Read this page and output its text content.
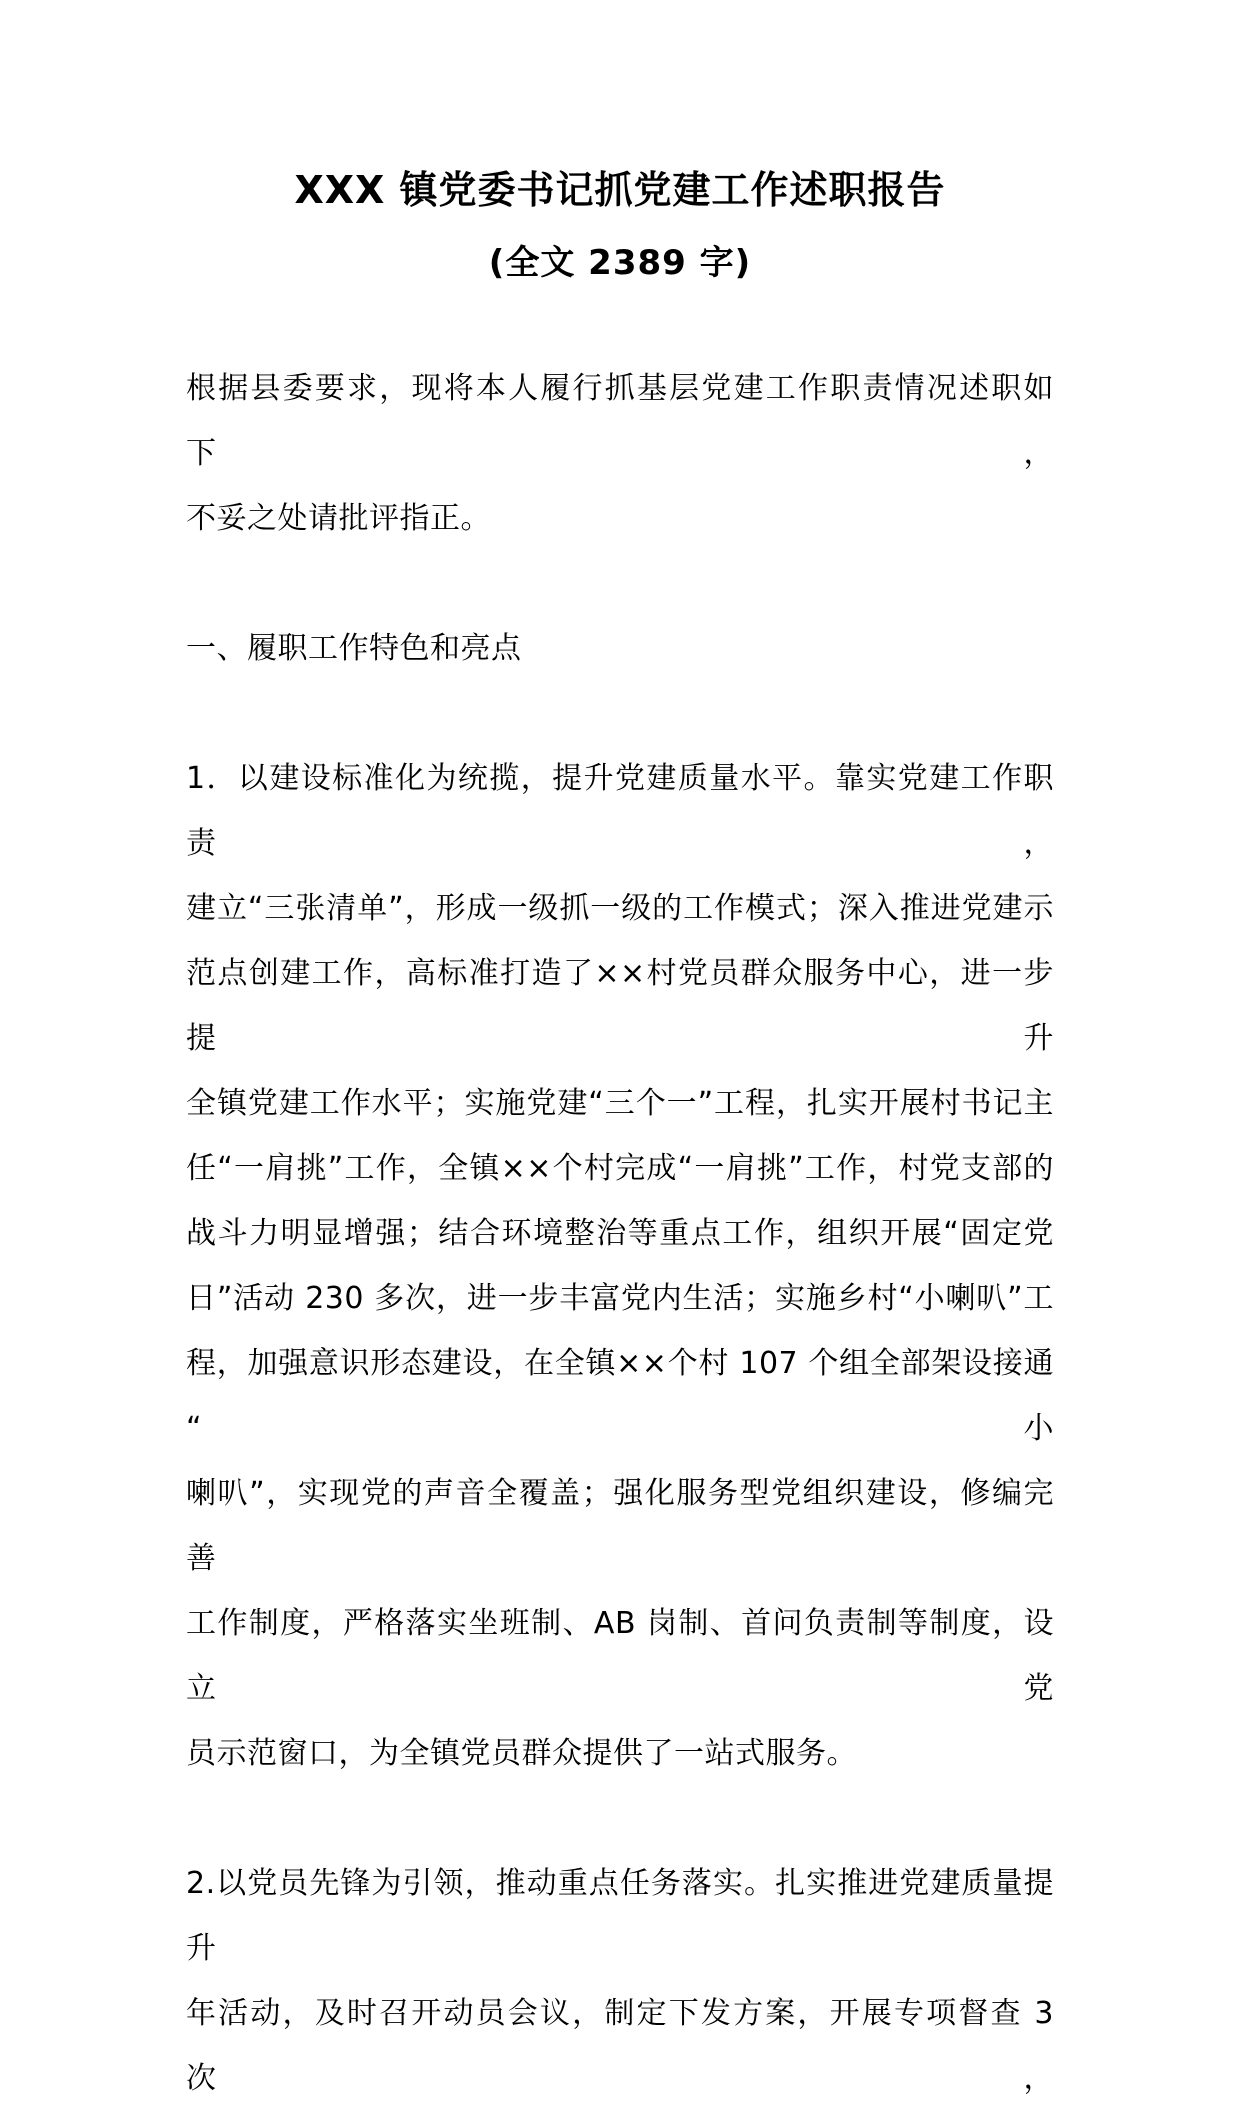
XXX 镇党委书记抓党建工作述职报告
(全文 2389 字)
根据县委要求，现将本人履行抓基层党建工作职责情况述职如下，
不妥之处请批评指正。
一、履职工作特色和亮点
1．以建设标准化为统揽，提升党建质量水平。靠实党建工作职责，
建立“三张清单”，形成一级抓一级的工作模式；深入推进党建示
范点创建工作，高标准打造了××村党员群众服务中心，进一步提升
全镇党建工作水平；实施党建“三个一”工程，扎实开展村书记主
任“一肩挑”工作，全镇××个村完成“一肩挑”工作，村党支部的
战斗力明显增强；结合环境整治等重点工作，组织开展“固定党
日”活动 230 多次，进一步丰富党内生活；实施乡村“小喇叭”工
程，加强意识形态建设，在全镇××个村 107 个组全部架设接通“小
喇叭”，实现党的声音全覆盖；强化服务型党组织建设，修编完善
工作制度，严格落实坐班制、AB 岗制、首问负责制等制度，设立党
员示范窗口，为全镇党员群众提供了一站式服务。
2.以党员先锋为引领，推动重点任务落实。扎实推进党建质量提升
年活动，及时召开动员会议，制定下发方案，开展专项督查 3 次，
